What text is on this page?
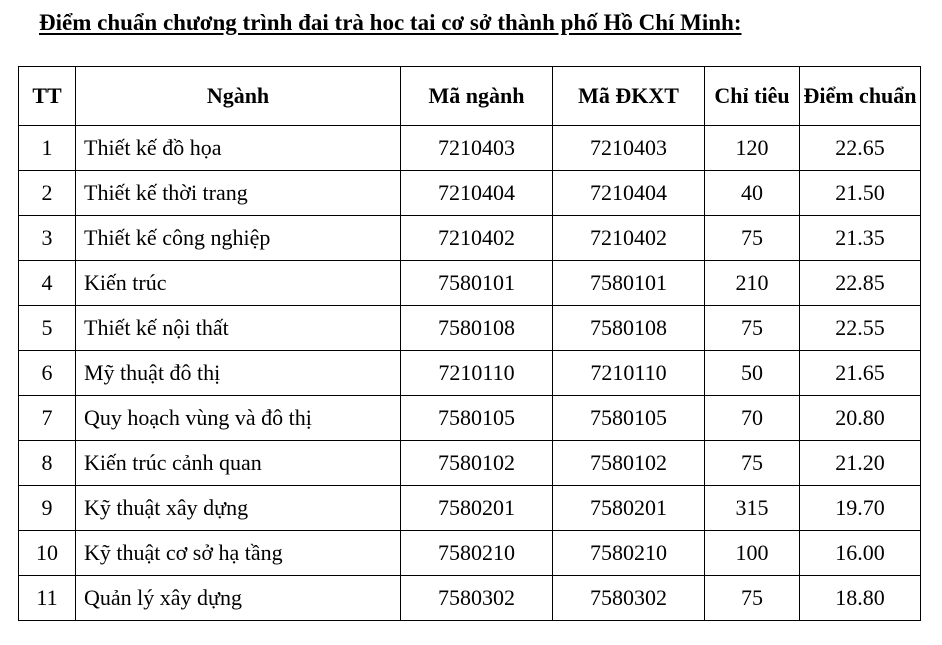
Điểm chuẩn chương trình đai trà hoc tai cơ sở thành phố Hồ Chí Minh:
TT	Ngành	Mã ngành	Mã ĐKXT	Chỉ tiêu	Điểm chuẩn
1	Thiết kế đồ họa	7210403	7210403	120	22.65
2	Thiết kế thời trang	7210404	7210404	40	21.50
3	Thiết kế công nghiệp	7210402	7210402	75	21.35
4	Kiến trúc	7580101	7580101	210	22.85
5	Thiết kế nội thất	7580108	7580108	75	22.55
6	Mỹ thuật đô thị	7210110	7210110	50	21.65
7	Quy hoạch vùng và đô thị	7580105	7580105	70	20.80
8	Kiến trúc cảnh quan	7580102	7580102	75	21.20
9	Kỹ thuật xây dựng	7580201	7580201	315	19.70
10	Kỹ thuật cơ sở hạ tầng	7580210	7580210	100	16.00
11	Quản lý xây dựng	7580302	7580302	75	18.80
